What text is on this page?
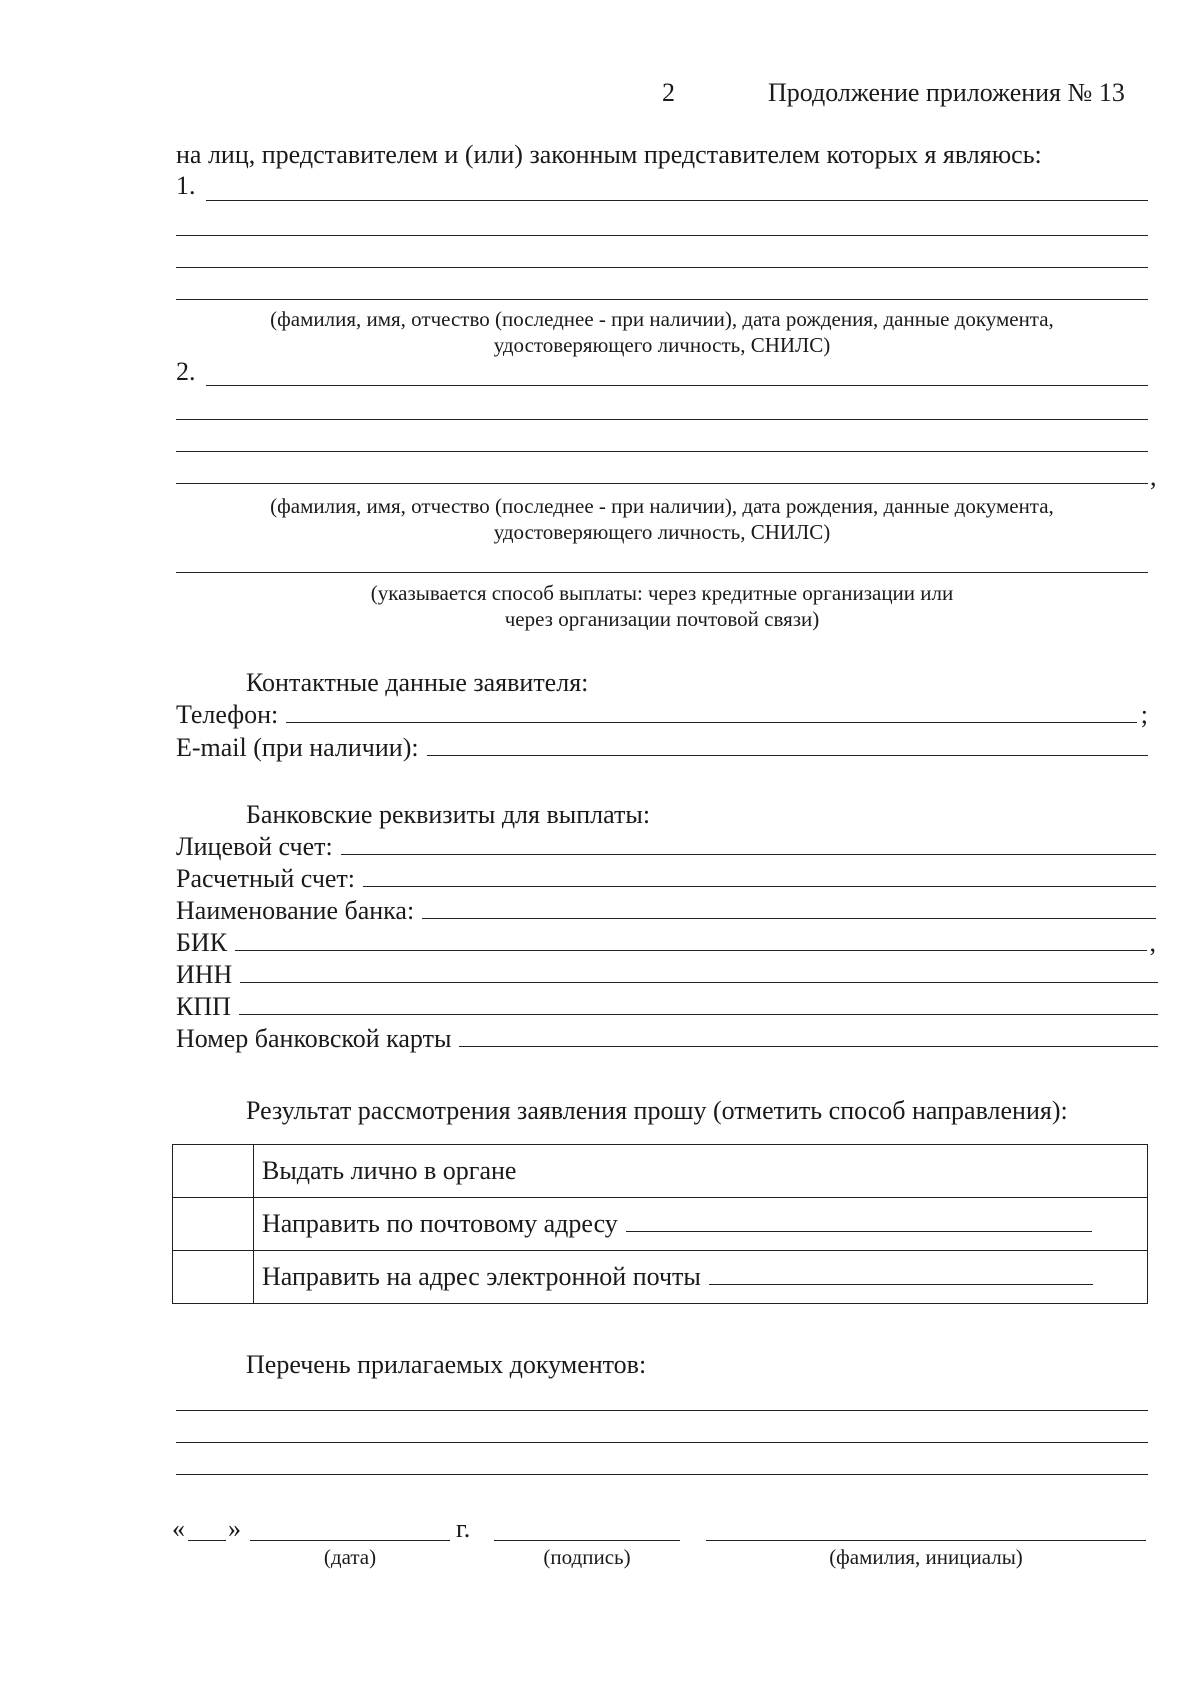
2	Продолжение приложения № 13
на лиц, представителем и (или) законным представителем которых я являюсь:
1.
(фамилия, имя, отчество (последнее - при наличии), дата рождения, данные документа,
удостоверяющего личность, СНИЛС)
2.
,
(фамилия, имя, отчество (последнее - при наличии), дата рождения, данные документа,
удостоверяющего личность, СНИЛС)
(указывается способ выплаты: через кредитные организации или
через организации почтовой связи)
Контактные данные заявителя:
Телефон:	;
E-mail (при наличии):
Банковские реквизиты для выплаты:
Лицевой счет:
Расчетный счет:
Наименование банка:
БИК	,
ИНН
КПП
Номер банковской карты
Результат рассмотрения заявления прошу (отметить способ направления):
	Выдать лично в органе

	Направить по почтовому адресу

	Направить на адрес электронной почты
Перечень прилагаемых документов:
« »	г.
(дата)	(подпись)	(фамилия, инициалы)
